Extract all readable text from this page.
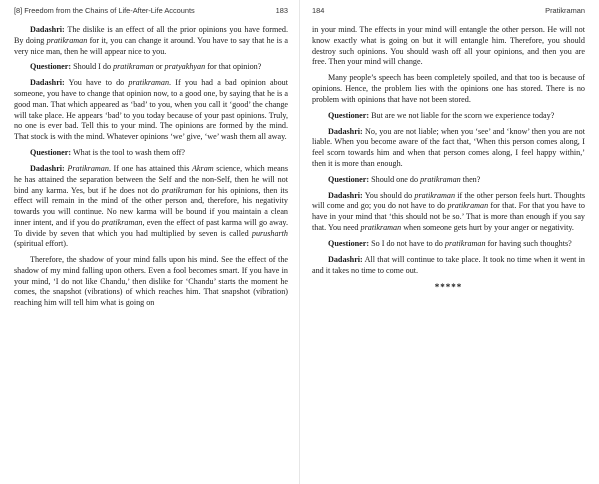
[8] Freedom from the Chains of Life-After-Life Accounts	183

Dadashri: The dislike is an effect of all the prior opinions you have formed. By doing pratikraman for it, you can change it around. You have to say that he is a very nice man, then he will appear nice to you.

Questioner: Should I do pratikraman or pratyakhyan for that opinion?

Dadashri: You have to do pratikraman. If you had a bad opinion about someone, you have to change that opinion now, to a good one, by saying that he is a good man. That which appeared as ‘bad’ to you, when you call it ‘good’ the change will take place. He appears ‘bad’ to you today because of your past opinions. Truly, no one is ever bad. Tell this to your mind. The opinions are formed by the mind. That stock is with the mind. Whatever opinions ‘we’ give, ‘we’ wash them all away.

Questioner: What is the tool to wash them off?

Dadashri: Pratikraman. If one has attained this Akram science, which means he has attained the separation between the Self and the non-Self, then he will not bind any karma. Yes, but if he does not do pratikraman for his opinions, then its effect will remain in the mind of the other person and, therefore, his negativity towards you will continue. No new karma will be bound if you maintain a clean inner intent, and if you do pratikraman, even the effect of past karma will go away. To divide by seven that which you had multiplied by seven is called purusharth (spiritual effort).

Therefore, the shadow of your mind falls upon his mind. See the effect of the shadow of my mind falling upon others. Even a fool becomes smart. If you have in your mind, ‘I do not like Chandu,’ then dislike for ‘Chandu’ starts the moment he comes, the snapshot (vibrations) of which reaches him. That snapshot (vibration) reaching him will tell him what is going on

184	Pratikraman

in your mind. The effects in your mind will entangle the other person. He will not know exactly what is going on but it will entangle him. Therefore, you should destroy such opinions. You should wash off all your opinions, and then you are free. Then your mind will change.

Many people’s speech has been completely spoiled, and that too is because of opinions. Hence, the problem lies with the opinions one has stored. There is no problem with opinions that have not been stored.

Questioner: But are we not liable for the scorn we experience today?

Dadashri: No, you are not liable; when you ‘see’ and ‘know’ then you are not liable. When you become aware of the fact that, ‘When this person comes along, I feel scorn towards him and when that person comes along, I feel happy within,’ then it is more than enough.

Questioner: Should one do pratikraman then?

Dadashri: You should do pratikraman if the other person feels hurt. Thoughts will come and go; you do not have to do pratikraman for that. For that you have to have in your mind that ‘this should not be so.’ That is more than enough if you say that. You need pratikraman when someone gets hurt by your anger or negativity.

Questioner: So I do not have to do pratikraman for having such thoughts?

Dadashri: All that will continue to take place. It took no time when it went in and it takes no time to come out.

*****
